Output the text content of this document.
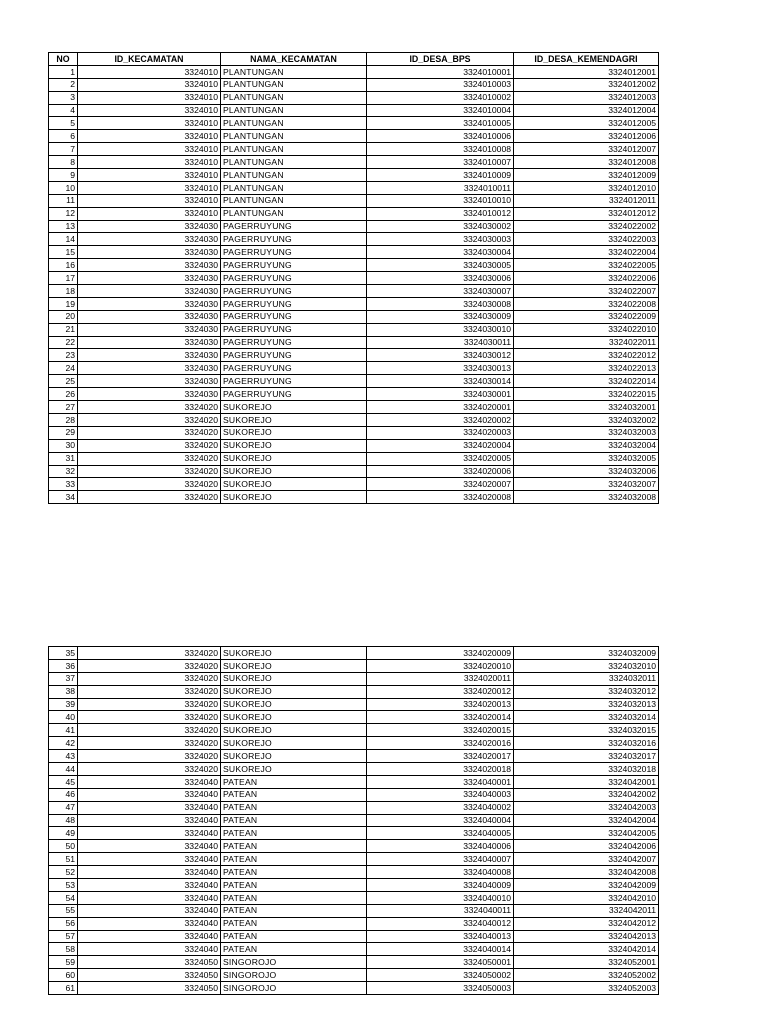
NO	ID_KECAMATAN	NAMA_KECAMATAN	ID_DESA_BPS	ID_DESA_KEMENDAGRI
1	3324010	PLANTUNGAN	3324010001	3324012001
2	3324010	PLANTUNGAN	3324010003	3324012002
3	3324010	PLANTUNGAN	3324010002	3324012003
4	3324010	PLANTUNGAN	3324010004	3324012004
5	3324010	PLANTUNGAN	3324010005	3324012005
6	3324010	PLANTUNGAN	3324010006	3324012006
7	3324010	PLANTUNGAN	3324010008	3324012007
8	3324010	PLANTUNGAN	3324010007	3324012008
9	3324010	PLANTUNGAN	3324010009	3324012009
10	3324010	PLANTUNGAN	3324010011	3324012010
11	3324010	PLANTUNGAN	3324010010	3324012011
12	3324010	PLANTUNGAN	3324010012	3324012012
13	3324030	PAGERRUYUNG	3324030002	3324022002
14	3324030	PAGERRUYUNG	3324030003	3324022003
15	3324030	PAGERRUYUNG	3324030004	3324022004
16	3324030	PAGERRUYUNG	3324030005	3324022005
17	3324030	PAGERRUYUNG	3324030006	3324022006
18	3324030	PAGERRUYUNG	3324030007	3324022007
19	3324030	PAGERRUYUNG	3324030008	3324022008
20	3324030	PAGERRUYUNG	3324030009	3324022009
21	3324030	PAGERRUYUNG	3324030010	3324022010
22	3324030	PAGERRUYUNG	3324030011	3324022011
23	3324030	PAGERRUYUNG	3324030012	3324022012
24	3324030	PAGERRUYUNG	3324030013	3324022013
25	3324030	PAGERRUYUNG	3324030014	3324022014
26	3324030	PAGERRUYUNG	3324030001	3324022015
27	3324020	SUKOREJO	3324020001	3324032001
28	3324020	SUKOREJO	3324020002	3324032002
29	3324020	SUKOREJO	3324020003	3324032003
30	3324020	SUKOREJO	3324020004	3324032004
31	3324020	SUKOREJO	3324020005	3324032005
32	3324020	SUKOREJO	3324020006	3324032006
33	3324020	SUKOREJO	3324020007	3324032007
34	3324020	SUKOREJO	3324020008	3324032008
35	3324020	SUKOREJO	3324020009	3324032009
36	3324020	SUKOREJO	3324020010	3324032010
37	3324020	SUKOREJO	3324020011	3324032011
38	3324020	SUKOREJO	3324020012	3324032012
39	3324020	SUKOREJO	3324020013	3324032013
40	3324020	SUKOREJO	3324020014	3324032014
41	3324020	SUKOREJO	3324020015	3324032015
42	3324020	SUKOREJO	3324020016	3324032016
43	3324020	SUKOREJO	3324020017	3324032017
44	3324020	SUKOREJO	3324020018	3324032018
45	3324040	PATEAN	3324040001	3324042001
46	3324040	PATEAN	3324040003	3324042002
47	3324040	PATEAN	3324040002	3324042003
48	3324040	PATEAN	3324040004	3324042004
49	3324040	PATEAN	3324040005	3324042005
50	3324040	PATEAN	3324040006	3324042006
51	3324040	PATEAN	3324040007	3324042007
52	3324040	PATEAN	3324040008	3324042008
53	3324040	PATEAN	3324040009	3324042009
54	3324040	PATEAN	3324040010	3324042010
55	3324040	PATEAN	3324040011	3324042011
56	3324040	PATEAN	3324040012	3324042012
57	3324040	PATEAN	3324040013	3324042013
58	3324040	PATEAN	3324040014	3324042014
59	3324050	SINGOROJO	3324050001	3324052001
60	3324050	SINGOROJO	3324050002	3324052002
61	3324050	SINGOROJO	3324050003	3324052003
